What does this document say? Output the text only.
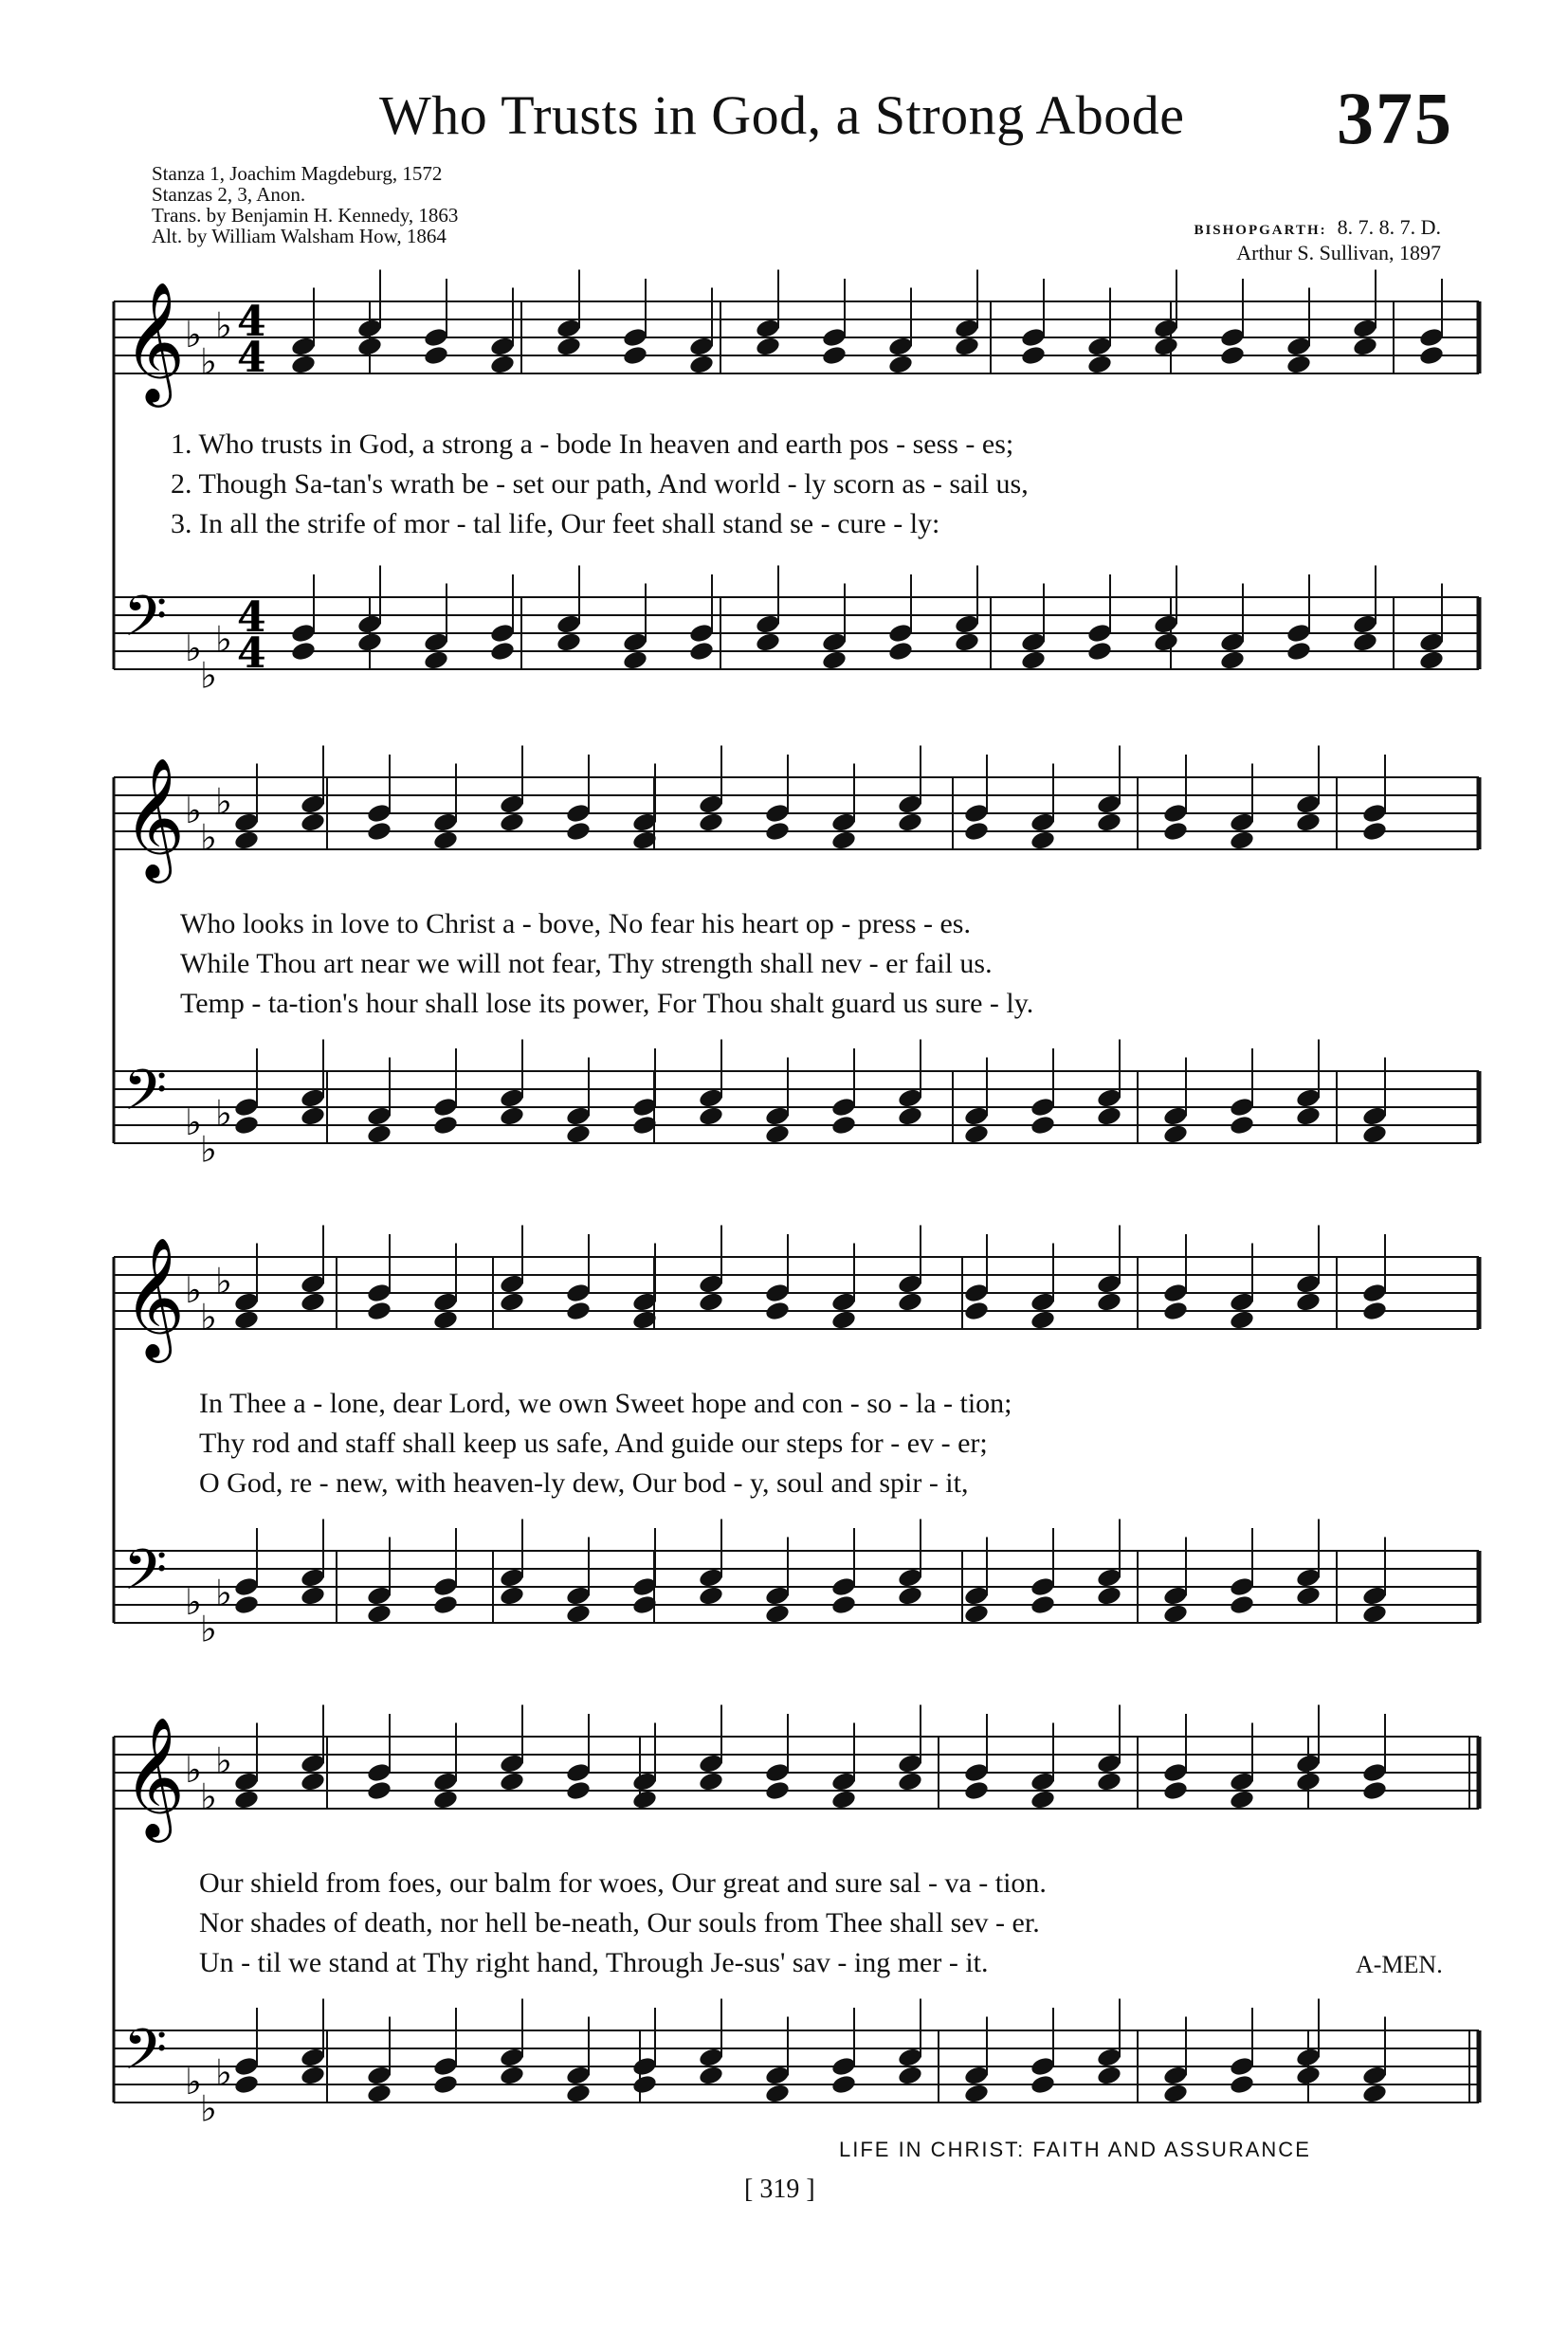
Who Trusts in God, a Strong Abode 375
Stanza 1, Joachim Magdeburg, 1572
Stanzas 2, 3, Anon.
Trans. by Benjamin H. Kennedy, 1863
Alt. by William Walsham How, 1864	BISHOPGARTH: 8. 7. 8. 7. D.
Arthur S. Sullivan, 1897
𝄞 ♭
♭
♭ 4
4
𝄢 ♭
♭
♭ 4
4
𝄞 ♭
♭
♭
𝄢 ♭
♭
♭
𝄞 ♭
♭
♭
𝄢 ♭
♭
♭
𝄞 ♭
♭
♭
𝄢 ♭
♭
♭
1. Who trusts in God, a strong a - bode In heaven and earth pos - sess - es;
2. Though Sa-tan's wrath be - set our path, And world - ly scorn as - sail us,
3. In all the strife of mor - tal life, Our feet shall stand se - cure - ly:
Who looks in love to Christ a - bove, No fear his heart op - press - es.
While Thou art near we will not fear, Thy strength shall nev - er fail us.
Temp - ta-tion's hour shall lose its power, For Thou shalt guard us sure - ly.
In Thee a - lone, dear Lord, we own Sweet hope and con - so - la - tion;
Thy rod and staff shall keep us safe, And guide our steps for - ev - er;
O God, re - new, with heaven-ly dew, Our bod - y, soul and spir - it,
Our shield from foes, our balm for woes, Our great and sure sal - va - tion.
Nor shades of death, nor hell be-neath, Our souls from Thee shall sev - er.
Un - til we stand at Thy right hand, Through Je-sus' sav - ing mer - it.	A-MEN.
LIFE IN CHRIST: FAITH AND ASSURANCE
[ 319 ]
